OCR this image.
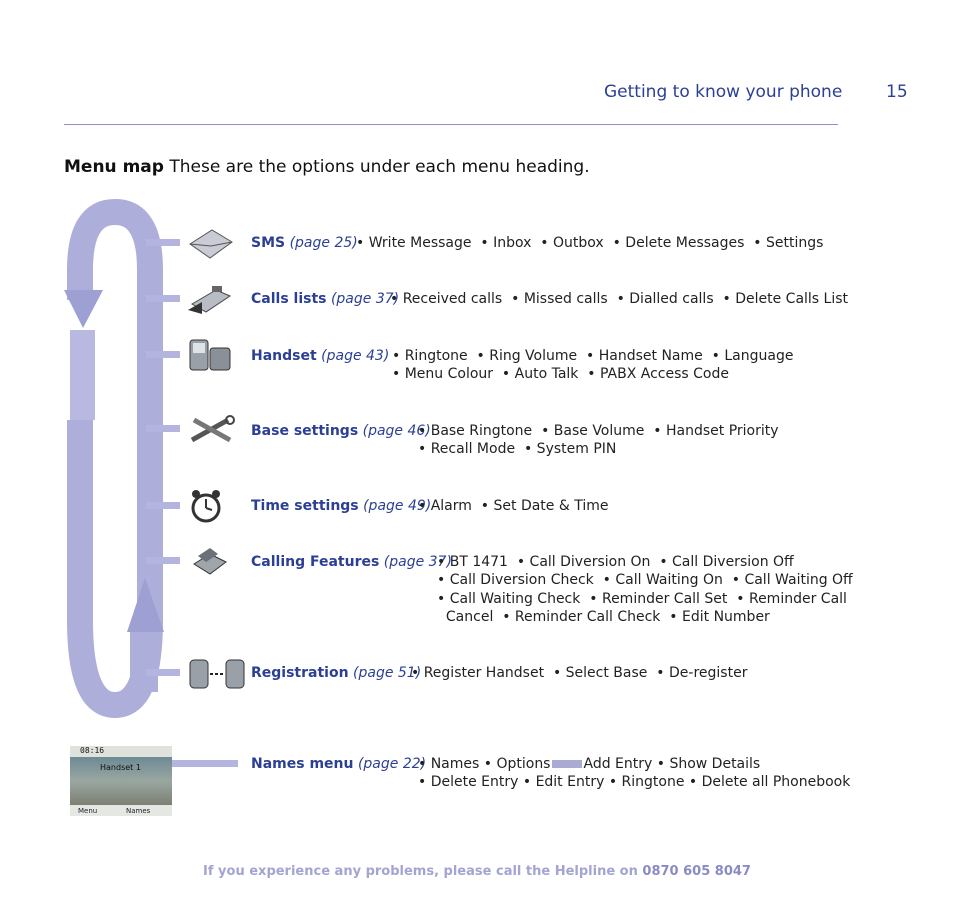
Getting to know your phone	15
Menu map These are the options under each menu heading.
SMS (page 25)
• Write Message  • Inbox  • Outbox  • Delete Messages  • Settings
Calls lists (page 37)
• Received calls  • Missed calls  • Dialled calls  • Delete Calls List
Handset (page 43) • Ringtone  • Ring Volume  • Handset Name  • Language
• Menu Colour  • Auto Talk  • PABX Access Code
Base settings (page 46)
• Base Ringtone  • Base Volume  • Handset Priority
• Recall Mode  • System PIN
Time settings (page 49)
• Alarm  • Set Date & Time
Calling Features (page 37)
• BT 1471  • Call Diversion On  • Call Diversion Off
• Call Diversion Check  • Call Waiting On  • Call Waiting Off
• Call Waiting Check  • Reminder Call Set  • Reminder Call
Cancel  • Reminder Call Check  • Edit Number
Registration (page 51)
• Register Handset  • Select Base  • De-register
08:16
Handset 1
Menu	Names
Names menu (page 22)
• Names • Options Add Entry • Show Details
• Delete Entry • Edit Entry • Ringtone • Delete all Phonebook
If you experience any problems, please call the Helpline on 0870 605 8047
